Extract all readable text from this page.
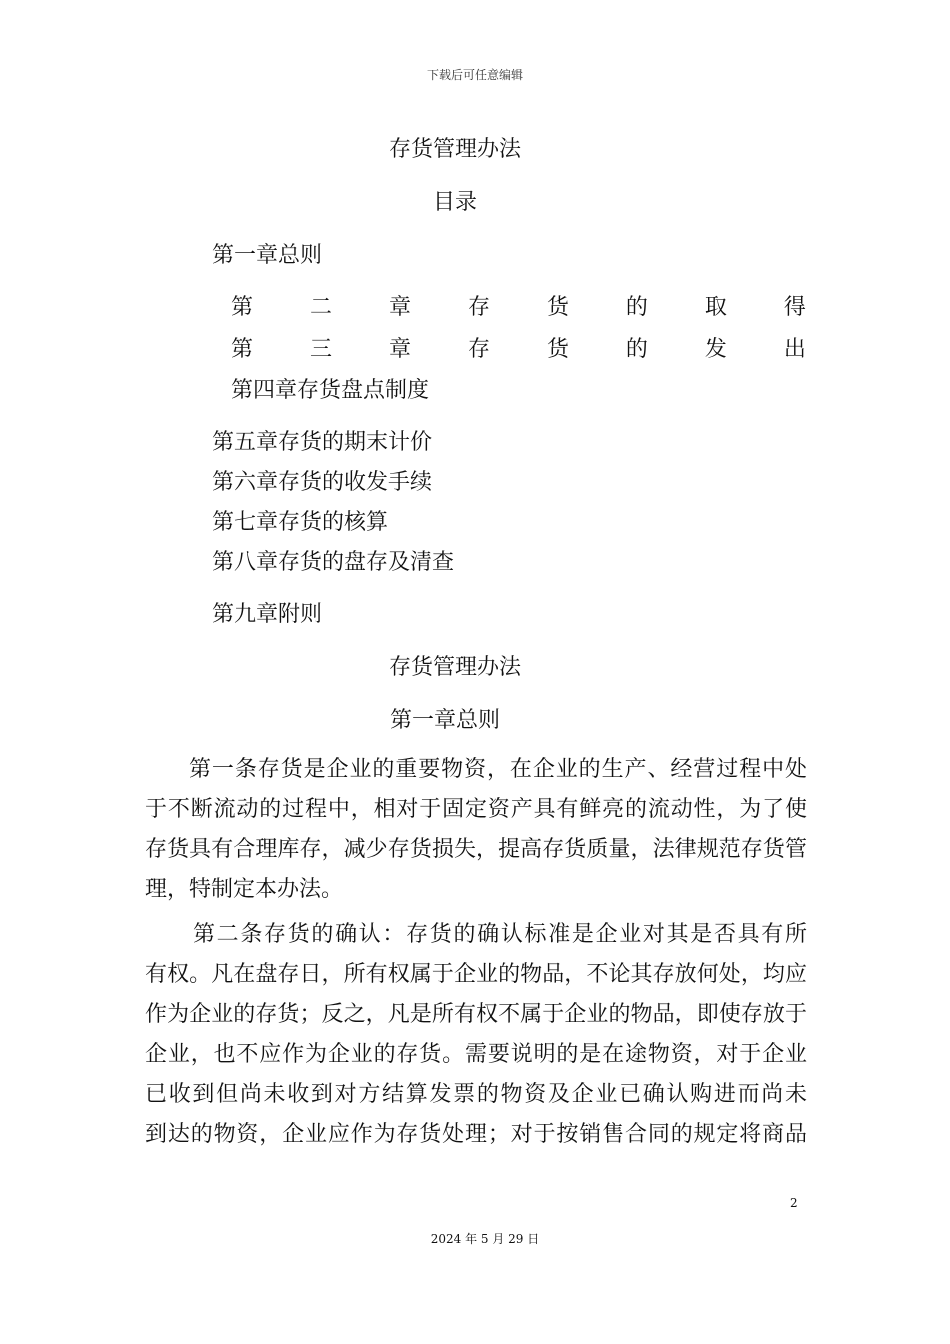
下载后可任意编辑
存货管理办法
目录
第一章总则
第	二	章	存	货	的	取	得
第	三	章	存	货	的	发	出
第四章存货盘点制度
第五章存货的期末计价
第六章存货的收发手续
第七章存货的核算
第八章存货的盘存及清查
第九章附则
存货管理办法
第一章总则
第一条存货是企业的重要物资，在企业的生产、经营过程中处
于不断流动的过程中，相对于固定资产具有鲜亮的流动性，为了使
存货具有合理库存，减少存货损失，提高存货质量，法律规范存货管
理，特制定本办法。
第二条存货的确认：存货的确认标准是企业对其是否具有所
有权。凡在盘存日，所有权属于企业的物品，不论其存放何处，均应
作为企业的存货；反之，凡是所有权不属于企业的物品，即使存放于
企业，也不应作为企业的存货。需要说明的是在途物资，对于企业
已收到但尚未收到对方结算发票的物资及企业已确认购进而尚未
到达的物资，企业应作为存货处理；对于按销售合同的规定将商品
2
2024 年 5 月 29 日
